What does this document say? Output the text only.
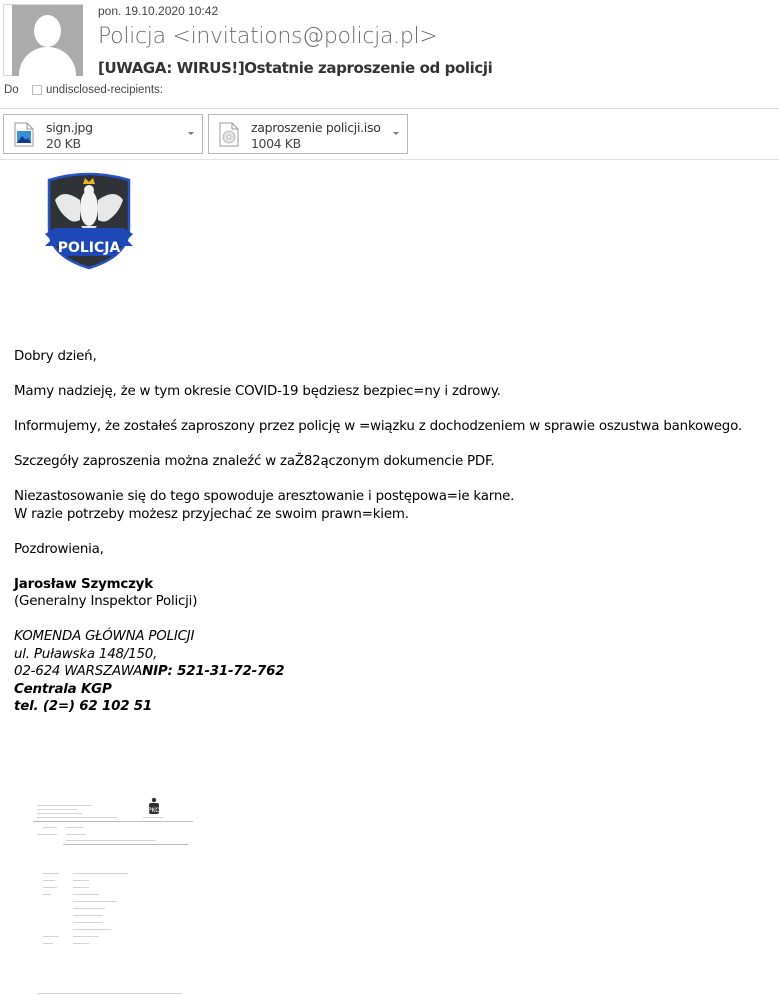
pon. 19.10.2020 10:42
Policja <invitations@policja.pl>
[UWAGA: WIRUS!]Ostatnie zaproszenie od policji
Do	undisclosed-recipients:
sign.jpg
20 KB
zaproszenie policji.iso
1004 KB
POLICJA

Dobry dzień,

Mamy nadzieję, że w tym okresie COVID-19 będziesz bezpiec=ny i zdrowy.

Informujemy, że zostałeś zaproszony przez policję w =wiązku z dochodzeniem w sprawie oszustwa bankowego.

Szczegóły zaproszenia można znaleźć w zaŽ82ączonym dokumencie PDF.

Niezastosowanie się do tego spowoduje aresztowanie i postępowa=ie karne.

W razie potrzeby możesz przyjechać ze swoim prawn=kiem.

Pozdrowienia,

Jarosław Szymczyk

(Generalny Inspektor Policji)

KOMENDA GŁÓWNA POLICJI

ul. Puławska 148/150,

02-624 WARSZAWANIP: 521-31-72-762

Centrala KGP

tel. (2=) 62 102 51

PKO
